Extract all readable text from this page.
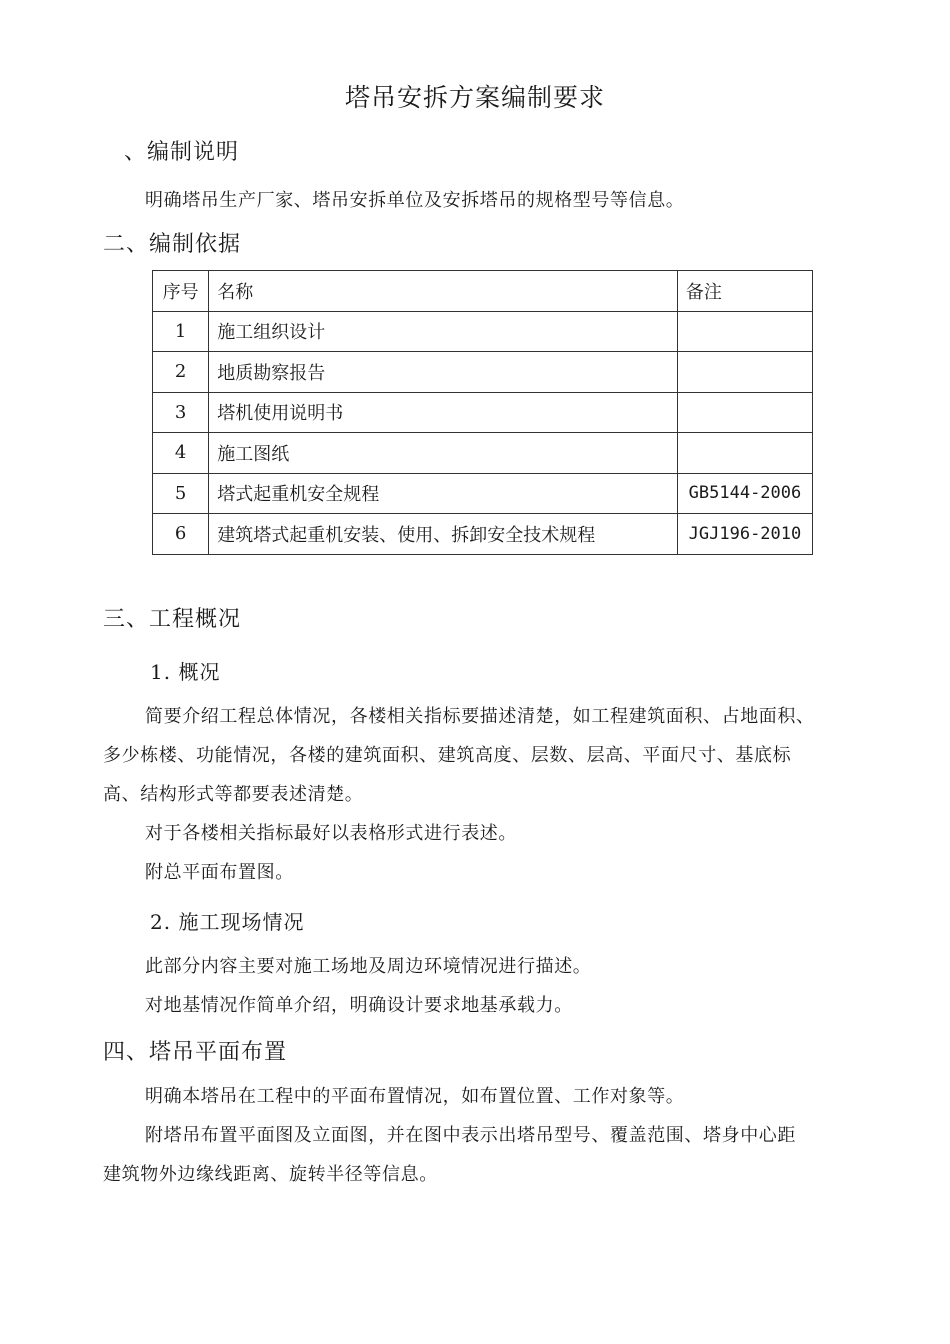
塔吊安拆方案编制要求
、编制说明
明确塔吊生产厂家、塔吊安拆单位及安拆塔吊的规格型号等信息。
二、编制依据
序号	名称	备注
1	施工组织设计	
2	地质勘察报告	
3	塔机使用说明书	
4	施工图纸	
5	塔式起重机安全规程	GB5144-2006
6	建筑塔式起重机安装、使用、拆卸安全技术规程	JGJ196-2010
三、工程概况
1. 概况
简要介绍工程总体情况，各楼相关指标要描述清楚，如工程建筑面积、占地面积、
多少栋楼、功能情况，各楼的建筑面积、建筑高度、层数、层高、平面尺寸、基底标
高、结构形式等都要表述清楚。
对于各楼相关指标最好以表格形式进行表述。
附总平面布置图。
2. 施工现场情况
此部分内容主要对施工场地及周边环境情况进行描述。
对地基情况作简单介绍，明确设计要求地基承载力。
四、塔吊平面布置
明确本塔吊在工程中的平面布置情况，如布置位置、工作对象等。
附塔吊布置平面图及立面图，并在图中表示出塔吊型号、覆盖范围、塔身中心距
建筑物外边缘线距离、旋转半径等信息。
